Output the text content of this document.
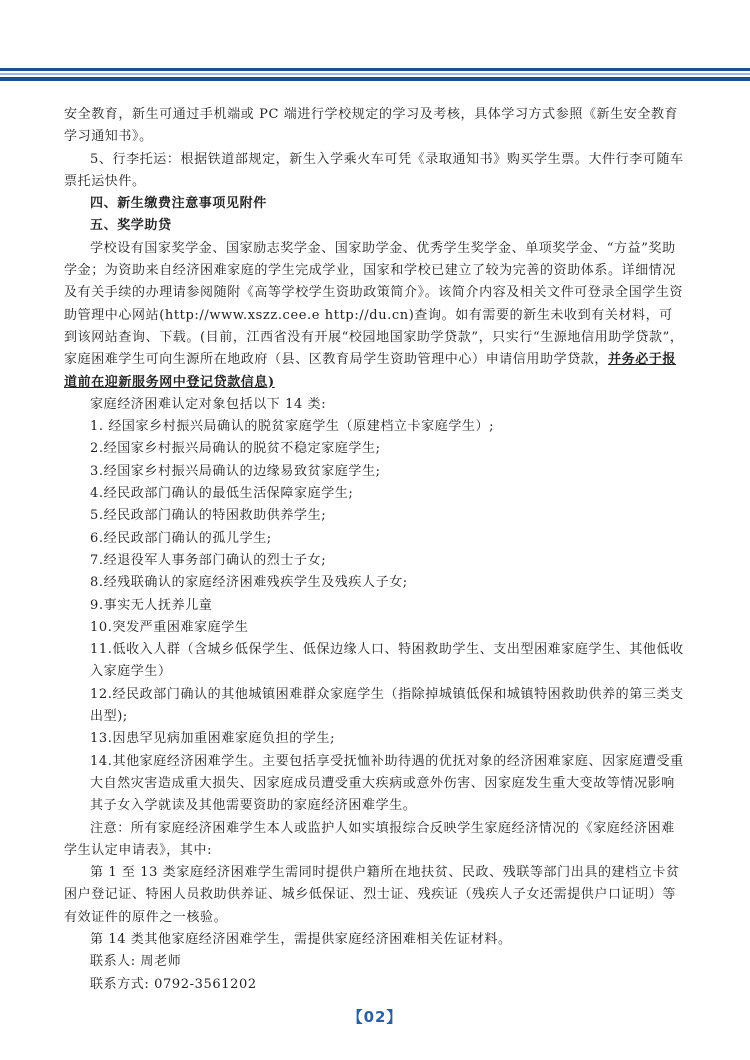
安全教育，新生可通过手机端或 PC 端进行学校规定的学习及考核，具体学习方式参照《新生安全教育学习通知书》。

5、行李托运：根据铁道部规定，新生入学乘火车可凭《录取通知书》购买学生票。大件行李可随车票托运快件。

四、新生缴费注意事项见附件

五、奖学助贷

学校设有国家奖学金、国家励志奖学金、国家助学金、优秀学生奖学金、单项奖学金、“方益”奖助学金；为资助来自经济困难家庭的学生完成学业，国家和学校已建立了较为完善的资助体系。详细情况及有关手续的办理请参阅随附《高等学校学生资助政策简介》。该简介内容及相关文件可登录全国学生资助管理中心网站(http://www.xszz.cee.e http://du.cn)查询。如有需要的新生未收到有关材料，可到该网站查询、下载。(目前，江西省没有开展“校园地国家助学贷款”，只实行“生源地信用助学贷款”，家庭困难学生可向生源所在地政府（县、区教育局学生资助管理中心）申请信用助学贷款，并务必于报道前在迎新服务网中登记贷款信息)

家庭经济困难认定对象包括以下 14 类:

1. 经国家乡村振兴局确认的脱贫家庭学生（原建档立卡家庭学生）;

2.经国家乡村振兴局确认的脱贫不稳定家庭学生;

3.经国家乡村振兴局确认的边缘易致贫家庭学生;

4.经民政部门确认的最低生活保障家庭学生;

5.经民政部门确认的特困救助供养学生;

6.经民政部门确认的孤儿学生;

7.经退役军人事务部门确认的烈士子女;

8.经残联确认的家庭经济困难残疾学生及残疾人子女;

9.事实无人抚养儿童

10.突发严重困难家庭学生

11.低收入人群（含城乡低保学生、低保边缘人口、特困救助学生、支出型困难家庭学生、其他低收入家庭学生）

12.经民政部门确认的其他城镇困难群众家庭学生（指除掉城镇低保和城镇特困救助供养的第三类支出型);

13.因患罕见病加重困难家庭负担的学生;

14.其他家庭经济困难学生。主要包括享受抚恤补助待遇的优抚对象的经济困难家庭、因家庭遭受重大自然灾害造成重大损失、因家庭成员遭受重大疾病或意外伤害、因家庭发生重大变故等情况影响其子女入学就读及其他需要资助的家庭经济困难学生。

注意：所有家庭经济困难学生本人或监护人如实填报综合反映学生家庭经济情况的《家庭经济困难学生认定申请表》，其中:

第 1 至 13 类家庭经济困难学生需同时提供户籍所在地扶贫、民政、残联等部门出具的建档立卡贫困户登记证、特困人员救助供养证、城乡低保证、烈士证、残疾证（残疾人子女还需提供户口证明）等有效证件的原件之一核验。

第 14 类其他家庭经济困难学生，需提供家庭经济困难相关佐证材料。

联系人: 周老师

联系方式: 0792-3561202

【02】
